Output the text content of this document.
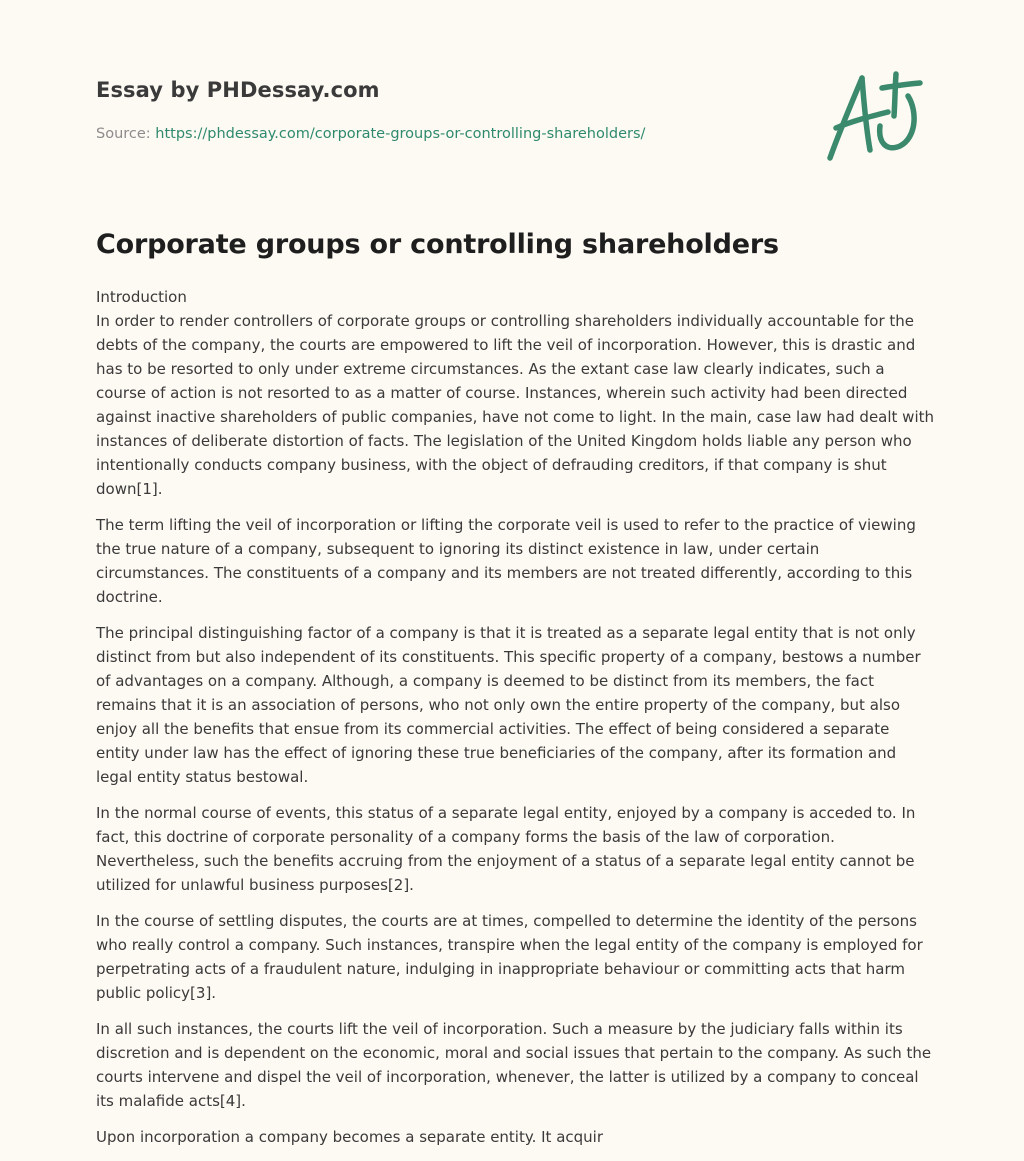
Essay by PHDessay.com
Source: https://phdessay.com/corporate-groups-or-controlling-shareholders/
Corporate groups or controlling shareholders

Introduction

In order to render controllers of corporate groups or controlling shareholders individually accountable for the debts of the company, the courts are empowered to lift the veil of incorporation. However, this is drastic and has to be resorted to only under extreme circumstances. As the extant case law clearly indicates, such a course of action is not resorted to as a matter of course. Instances, wherein such activity had been directed against inactive shareholders of public companies, have not come to light. In the main, case law had dealt with instances of deliberate distortion of facts. The legislation of the United Kingdom holds liable any person who intentionally conducts company business, with the object of defrauding creditors, if that company is shut down[1].

The term lifting the veil of incorporation or lifting the corporate veil is used to refer to the practice of viewing the true nature of a company, subsequent to ignoring its distinct existence in law, under certain circumstances. The constituents of a company and its members are not treated differently, according to this doctrine.

The principal distinguishing factor of a company is that it is treated as a separate legal entity that is not only distinct from but also independent of its constituents. This specific property of a company, bestows a number of advantages on a company. Although, a company is deemed to be distinct from its members, the fact remains that it is an association of persons, who not only own the entire property of the company, but also enjoy all the benefits that ensue from its commercial activities. The effect of being considered a separate entity under law has the effect of ignoring these true beneficiaries of the company, after its formation and legal entity status bestowal.

In the normal course of events, this status of a separate legal entity, enjoyed by a company is acceded to. In fact, this doctrine of corporate personality of a company forms the basis of the law of corporation. Nevertheless, such the benefits accruing from the enjoyment of a status of a separate legal entity cannot be utilized for unlawful business purposes[2].

In the course of settling disputes, the courts are at times, compelled to determine the identity of the persons who really control a company. Such instances, transpire when the legal entity of the company is employed for perpetrating acts of a fraudulent nature, indulging in inappropriate behaviour or committing acts that harm public policy[3].

In all such instances, the courts lift the veil of incorporation. Such a measure by the judiciary falls within its discretion and is dependent on the economic, moral and social issues that pertain to the company. As such the courts intervene and dispel the veil of incorporation, whenever, the latter is utilized by a company to conceal its malafide acts[4].

Upon incorporation a company becomes a separate entity. It acquir
